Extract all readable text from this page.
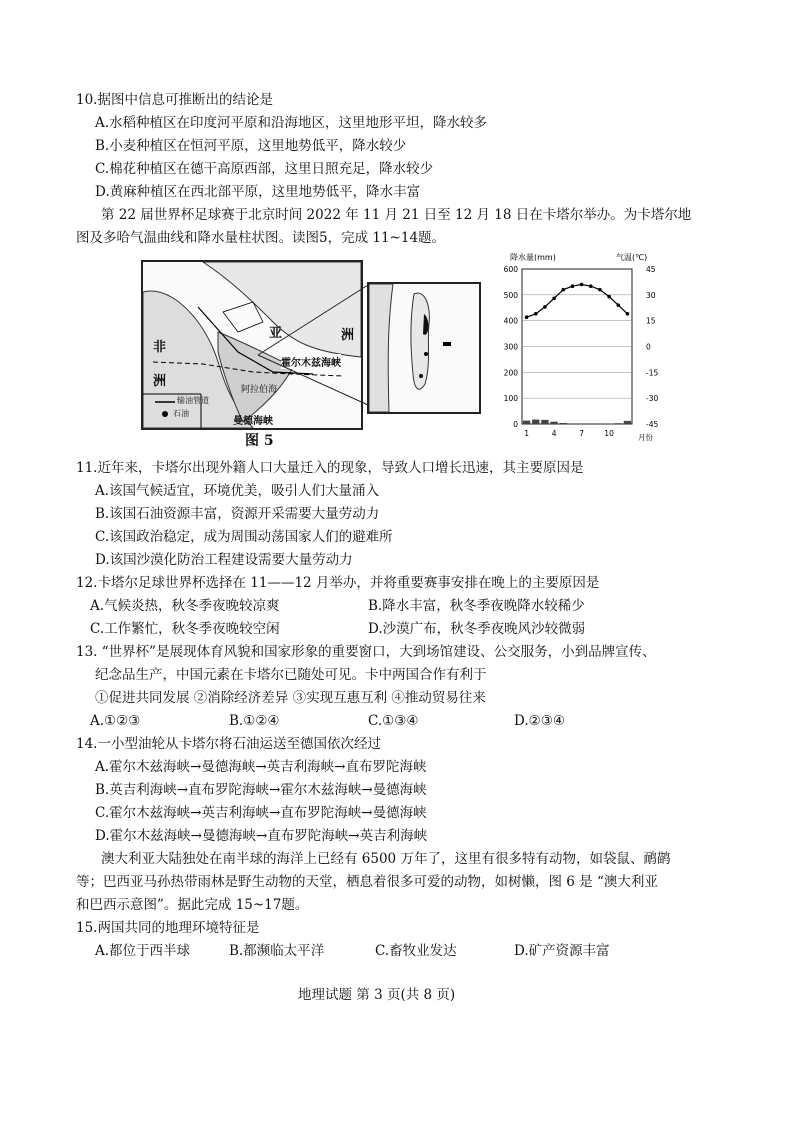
10.据图中信息可推断出的结论是
A.水稻种植区在印度河平原和沿海地区，这里地形平坦，降水较多
B.小麦种植区在恒河平原，这里地势低平，降水较少
C.棉花种植区在德干高原西部，这里日照充足，降水较少
D.黄麻种植区在西北部平原，这里地势低平，降水丰富
第 22 届世界杯足球赛于北京时间 2022 年 11 月 21 日至 12 月 18 日在卡塔尔举办。为卡塔尔地
图及多哈气温曲线和降水量柱状图。读图5，完成 11~14题。
亚	洲
非
洲
霍尔木兹海峡
阿拉伯海
曼德海峡
输油管道
石油
降水量(mm)	气温(℃)
600
500
400
300
200
100
0
45
30
15
0
-15
-30
-45
1	4	7	10	月份
图 5
11.近年来，卡塔尔出现外籍人口大量迁入的现象，导致人口增长迅速，其主要原因是
A.该国气候适宜，环境优美，吸引人们大量涌入
B.该国石油资源丰富，资源开采需要大量劳动力
C.该国政治稳定，成为周围动荡国家人们的避难所
D.该国沙漠化防治工程建设需要大量劳动力
12.卡塔尔足球世界杯选择在 11——12 月举办，并将重要赛事安排在晚上的主要原因是
A.气候炎热，秋冬季夜晚较凉爽	B.降水丰富，秋冬季夜晚降水较稀少
C.工作繁忙，秋冬季夜晚较空闲	D.沙漠广布，秋冬季夜晚风沙较微弱
13. “世界杯”是展现体育风貌和国家形象的重要窗口，大到场馆建设、公交服务，小到品牌宣传、
纪念品生产，中国元素在卡塔尔已随处可见。卡中两国合作有利于
①促进共同发展 ②消除经济差异 ③实现互惠互利 ④推动贸易往来
A.①②③	B.①②④	C.①③④	D.②③④
14.一小型油轮从卡塔尔将石油运送至德国依次经过
A.霍尔木兹海峡→曼德海峡→英吉利海峡→直布罗陀海峡
B.英吉利海峡→直布罗陀海峡→霍尔木兹海峡→曼德海峡
C.霍尔木兹海峡→英吉利海峡→直布罗陀海峡→曼德海峡
D.霍尔木兹海峡→曼德海峡→直布罗陀海峡→英吉利海峡
澳大利亚大陆独处在南半球的海洋上已经有 6500 万年了，这里有很多特有动物，如袋鼠、鸸鹋
等；巴西亚马孙热带雨林是野生动物的天堂，栖息着很多可爱的动物，如树懒，图 6 是 “澳大利亚
和巴西示意图”。据此完成 15~17题。
15.两国共同的地理环境特征是
A.都位于西半球	B.都濒临太平洋	C.畜牧业发达	D.矿产资源丰富
地理试题 第 3 页(共 8 页)
